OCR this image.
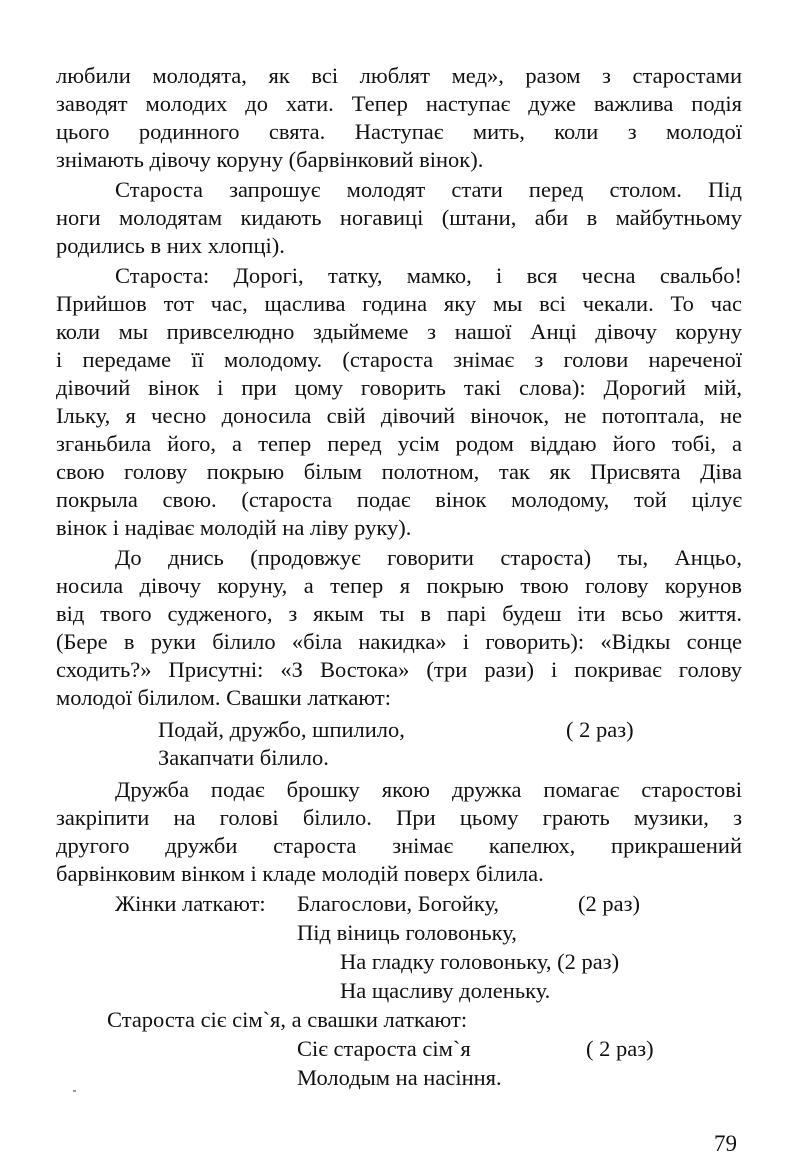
любили молодята, як всі люблят мед», разом з старостами
заводят молодих до хати. Тепер наступає дуже важлива подія
цього родинного свята. Наступає мить, коли з молодої
знімають дівочу коруну (барвінковий вінок).
Староста запрошує молодят стати перед столом. Під
ноги молодятам кидають ногавиці (штани, аби в майбутньому
родились в них хлопці).
Староста: Дорогі, татку, мамко, і вся чесна свальбо!
Прийшов тот час, щаслива година яку мы всі чекали. То час
коли мы привселюдно здыймеме з нашої Анці дівочу коруну
і передаме її молодому. (староста знімає з голови нареченої
дівочий вінок і при цому говорить такі слова): Дорогий мій,
Ільку, я чесно доносила свій дівочий віночок, не потоптала, не
зганьбила його, а тепер перед усім родом віддаю його тобі, а
свою голову покрыю білым полотном, так як Присвята Діва
покрыла свою. (староста подає вінок молодому, той цілує
вінок і надіває молодій на ліву руку).
До днись (продовжує говорити староста) ты, Анцьо,
носила дівочу коруну, а тепер я покрыю твою голову корунов
від твого судженого, з якым ты в парі будеш іти всьо життя.
(Бере в руки білило «біла накидка» і говорить): «Відкы сонце
сходить?» Присутні: «З Востока» (три рази) і покриває голову
молодої білилом. Свашки латкают:
Подай, дружбо, шпилило,	( 2 раз)
Закапчати білило.
Дружба подає брошку якою дружка помагає старостові
закріпити на голові білило. При цьому грають музики, з
другого дружби староста знімає капелюх, прикрашений
барвінковим вінком і кладе молодій поверх білила.
Жінки латкают: Благослови, Богойку,	(2 раз)
Під віниць головоньку,
На гладку головоньку, (2 раз)
На щасливу доленьку.
Староста сіє сім`я, а свашки латкают:
Сіє староста сім`я	( 2 раз)
Молодым на насіння.
79
